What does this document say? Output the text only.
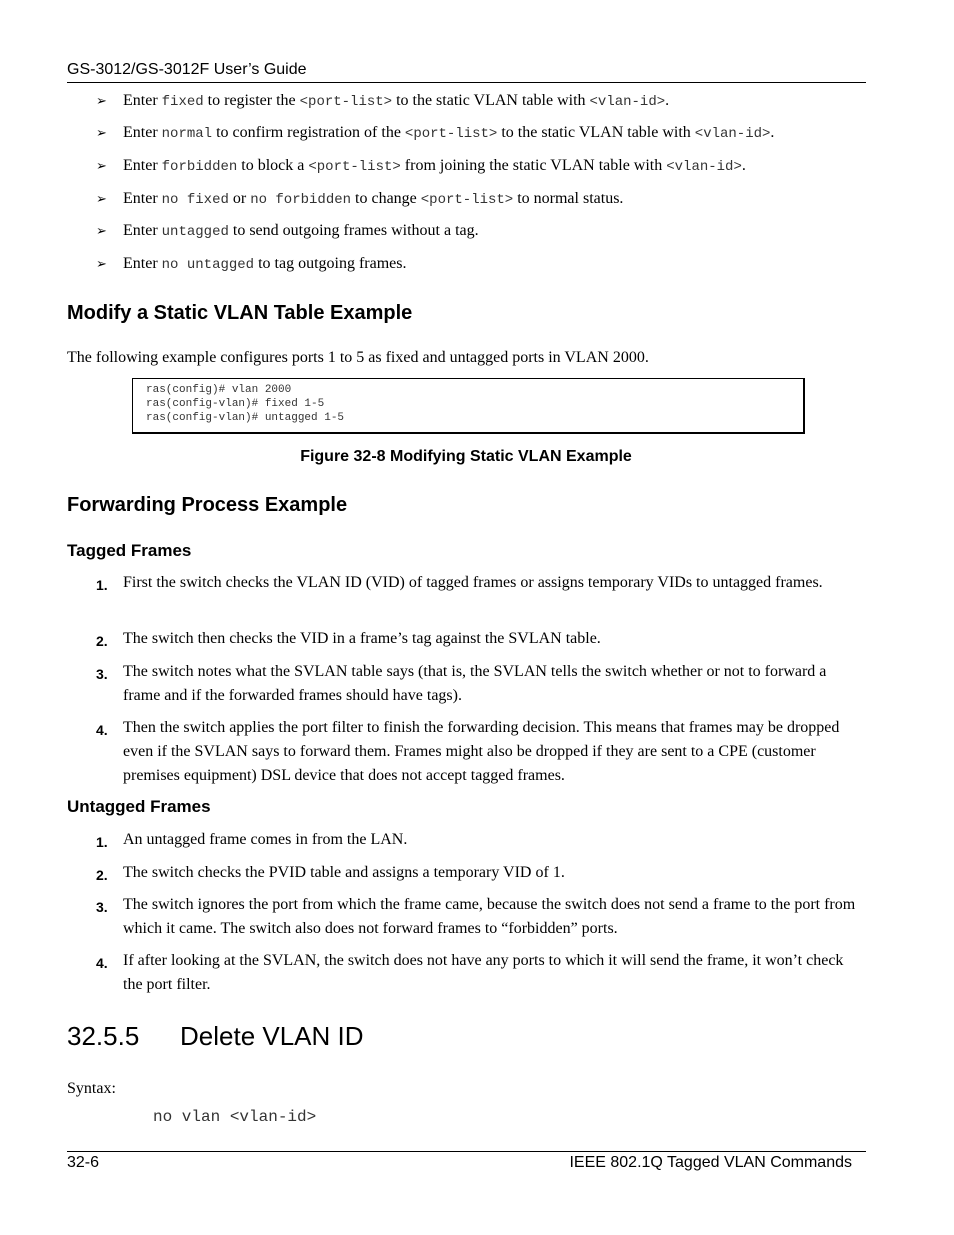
GS-3012/GS-3012F User’s Guide
➢ Enter fixed to register the <port-list> to the static VLAN table with <vlan-id>.
➢ Enter normal to confirm registration of the <port-list> to the static VLAN table with <vlan-id>.
➢ Enter forbidden to block a <port-list> from joining the static VLAN table with <vlan-id>.
➢ Enter no fixed or no forbidden to change <port-list> to normal status.
➢ Enter untagged to send outgoing frames without a tag.
➢ Enter no untagged to tag outgoing frames.
Modify a Static VLAN Table Example
The following example configures ports 1 to 5 as fixed and untagged ports in VLAN 2000.
ras(config)# vlan 2000
ras(config-vlan)# fixed 1-5
ras(config-vlan)# untagged 1-5
Figure 32-8 Modifying Static VLAN Example
Forwarding Process Example
Tagged Frames
1. First the switch checks the VLAN ID (VID) of tagged frames or assigns temporary VIDs to untagged frames.
2. The switch then checks the VID in a frame’s tag against the SVLAN table.
3. The switch notes what the SVLAN table says (that is, the SVLAN tells the switch whether or not to forward a frame and if the forwarded frames should have tags).
4. Then the switch applies the port filter to finish the forwarding decision. This means that frames may be dropped even if the SVLAN says to forward them. Frames might also be dropped if they are sent to a CPE (customer premises equipment) DSL device that does not accept tagged frames.
Untagged Frames
1. An untagged frame comes in from the LAN.
2. The switch checks the PVID table and assigns a temporary VID of 1.
3. The switch ignores the port from which the frame came, because the switch does not send a frame to the port from which it came. The switch also does not forward frames to “forbidden” ports.
4. If after looking at the SVLAN, the switch does not have any ports to which it will send the frame, it won’t check the port filter.
32.5.5 Delete VLAN ID
Syntax:
no vlan <vlan-id>
32-6	IEEE 802.1Q Tagged VLAN Commands
